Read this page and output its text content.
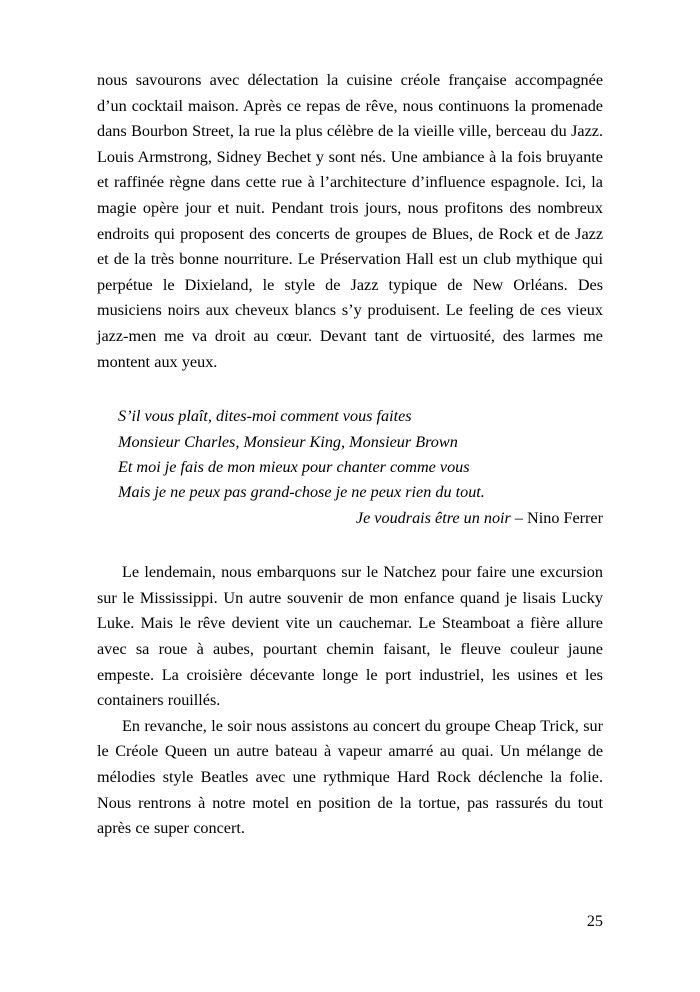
nous savourons avec délectation la cuisine créole française accompagnée d’un cocktail maison. Après ce repas de rêve, nous continuons la promenade dans Bourbon Street, la rue la plus célèbre de la vieille ville, berceau du Jazz. Louis Armstrong, Sidney Bechet y sont nés. Une ambiance à la fois bruyante et raffinée règne dans cette rue à l’architecture d’influence espagnole. Ici, la magie opère jour et nuit. Pendant trois jours, nous profitons des nombreux endroits qui proposent des concerts de groupes de Blues, de Rock et de Jazz et de la très bonne nourriture. Le Préservation Hall est un club mythique qui perpétue le Dixieland, le style de Jazz typique de New Orléans. Des musiciens noirs aux cheveux blancs s’y produisent. Le feeling de ces vieux jazz-men me va droit au cœur. Devant tant de virtuosité, des larmes me montent aux yeux.

S’il vous plaît, dites-moi comment vous faites
Monsieur Charles, Monsieur King, Monsieur Brown
Et moi je fais de mon mieux pour chanter comme vous
Mais je ne peux pas grand-chose je ne peux rien du tout.
Je voudrais être un noir – Nino Ferrer

Le lendemain, nous embarquons sur le Natchez pour faire une excursion sur le Mississippi. Un autre souvenir de mon enfance quand je lisais Lucky Luke. Mais le rêve devient vite un cauchemar. Le Steamboat a fière allure avec sa roue à aubes, pourtant chemin faisant, le fleuve couleur jaune empeste. La croisière décevante longe le port industriel, les usines et les containers rouillés.

En revanche, le soir nous assistons au concert du groupe Cheap Trick, sur le Créole Queen un autre bateau à vapeur amarré au quai. Un mélange de mélodies style Beatles avec une rythmique Hard Rock déclenche la folie. Nous rentrons à notre motel en position de la tortue, pas rassurés du tout après ce super concert.

25
